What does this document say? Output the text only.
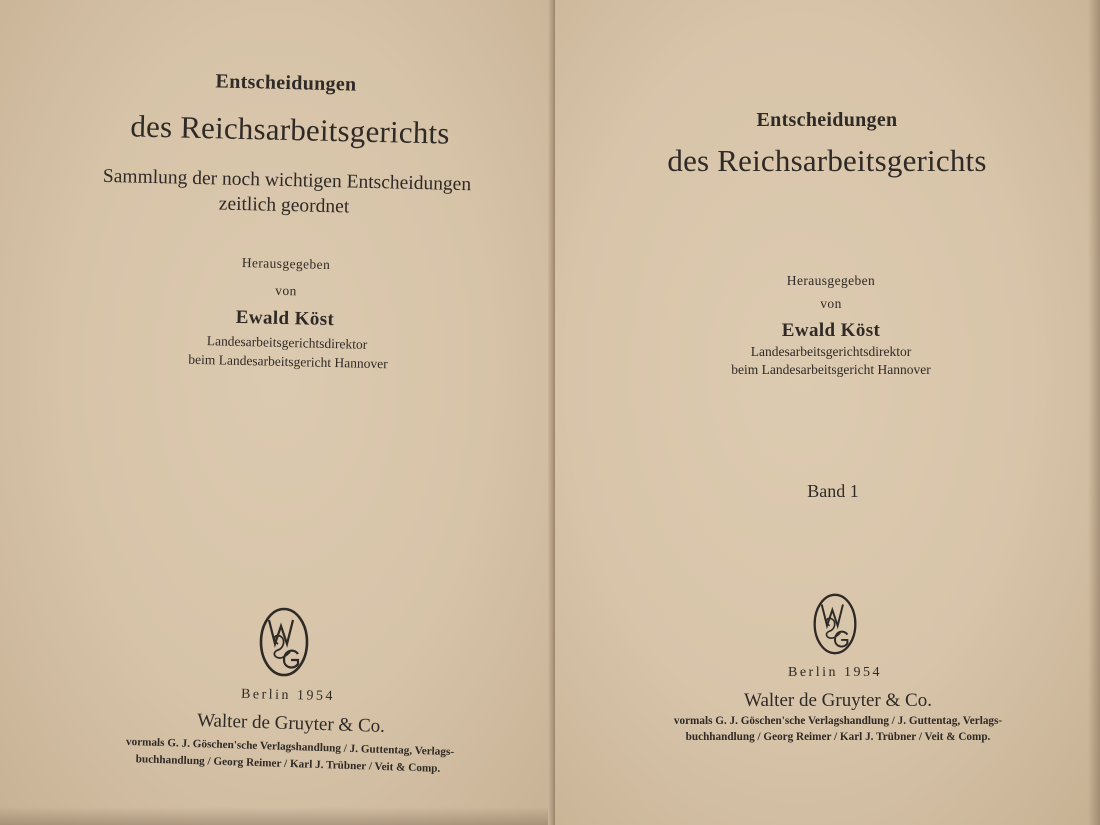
Entscheidungen
des Reichsarbeitsgerichts
Sammlung der noch wichtigen Entscheidungen
zeitlich geordnet
Herausgegeben
von
Ewald Köst
Landesarbeitsgerichtsdirektor
beim Landesarbeitsgericht Hannover
Berlin 1954
Walter de Gruyter & Co.
vormals G. J. Göschen'sche Verlagshandlung / J. Guttentag, Verlags-
buchhandlung / Georg Reimer / Karl J. Trübner / Veit & Comp.
Entscheidungen
des Reichsarbeitsgerichts
Herausgegeben
von
Ewald Köst
Landesarbeitsgerichtsdirektor
beim Landesarbeitsgericht Hannover
Band 1
Berlin 1954
Walter de Gruyter & Co.
vormals G. J. Göschen'sche Verlagshandlung / J. Guttentag, Verlags-
buchhandlung / Georg Reimer / Karl J. Trübner / Veit & Comp.
